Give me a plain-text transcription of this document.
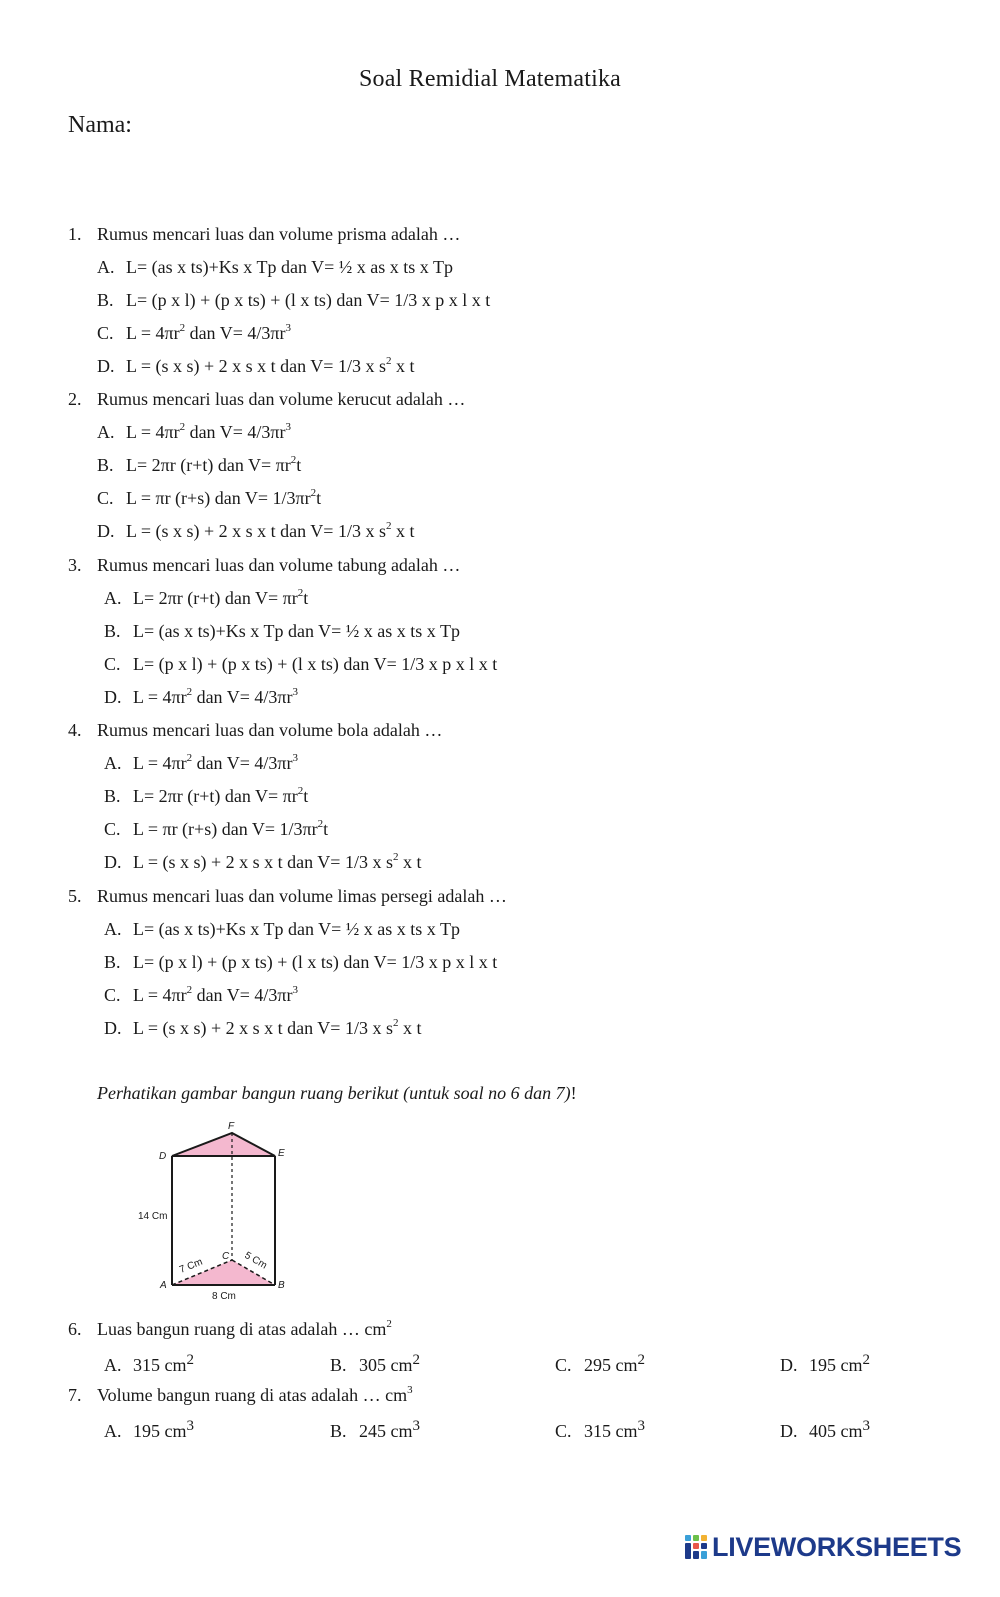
Soal Remidial Matematika
Nama:
1. Rumus mencari luas dan volume prisma adalah …
A. L= (as x ts)+Ks x Tp dan V= ½ x as x ts x Tp
B. L= (p x l) + (p x ts) + (l x ts) dan V= 1/3 x p x l x t
C. $L = 4\pi r^2$ dan $V= 4/3\pi r^3$
D. L = (s x s) + 2 x s x t dan V= 1/3 x $s^2$ x t
2. Rumus mencari luas dan volume kerucut adalah …
A. $L = 4\pi r^2$ dan $V= 4/3\pi r^3$
B. L= 2πr (r+t) dan $V= \pi r^2t$
C. L = πr (r+s) dan $V= 1/3\pi r^2t$
D. L = (s x s) + 2 x s x t dan V= 1/3 x $s^2$ x t
3. Rumus mencari luas dan volume tabung adalah …
A. L= 2πr (r+t) dan $V= \pi r^2t$
B. L= (as x ts)+Ks x Tp dan V= ½ x as x ts x Tp
C. L= (p x l) + (p x ts) + (l x ts) dan V= 1/3 x p x l x t
D. $L = 4\pi r^2$ dan $V= 4/3\pi r^3$
4. Rumus mencari luas dan volume bola adalah …
A. $L = 4\pi r^2$ dan $V= 4/3\pi r^3$
B. L= 2πr (r+t) dan $V= \pi r^2t$
C. L = πr (r+s) dan $V= 1/3\pi r^2t$
D. L = (s x s) + 2 x s x t dan V= 1/3 x $s^2$ x t
5. Rumus mencari luas dan volume limas persegi adalah …
A. L= (as x ts)+Ks x Tp dan V= ½ x as x ts x Tp
B. L= (p x l) + (p x ts) + (l x ts) dan V= 1/3 x p x l x t
C. $L = 4\pi r^2$ dan $V= 4/3\pi r^3$
D. L = (s x s) + 2 x s x t dan V= 1/3 x $s^2$ x t
Perhatikan gambar bangun ruang berikut (untuk soal no 6 dan 7)!
F
D	E
14 Cm
C
7 Cm	5 Cm
A	B
8 Cm
6. Luas bangun ruang di atas adalah … $cm^2$
A. 315 $cm^2$	B. 305 $cm^2$	C. 295 $cm^2$	D. 195 $cm^2$
7. Volume bangun ruang di atas adalah … $cm^3$
A. 195 $cm^3$	B. 245 $cm^3$	C. 315 $cm^3$	D. 405 $cm^3$
LIVEWORKSHEETS
